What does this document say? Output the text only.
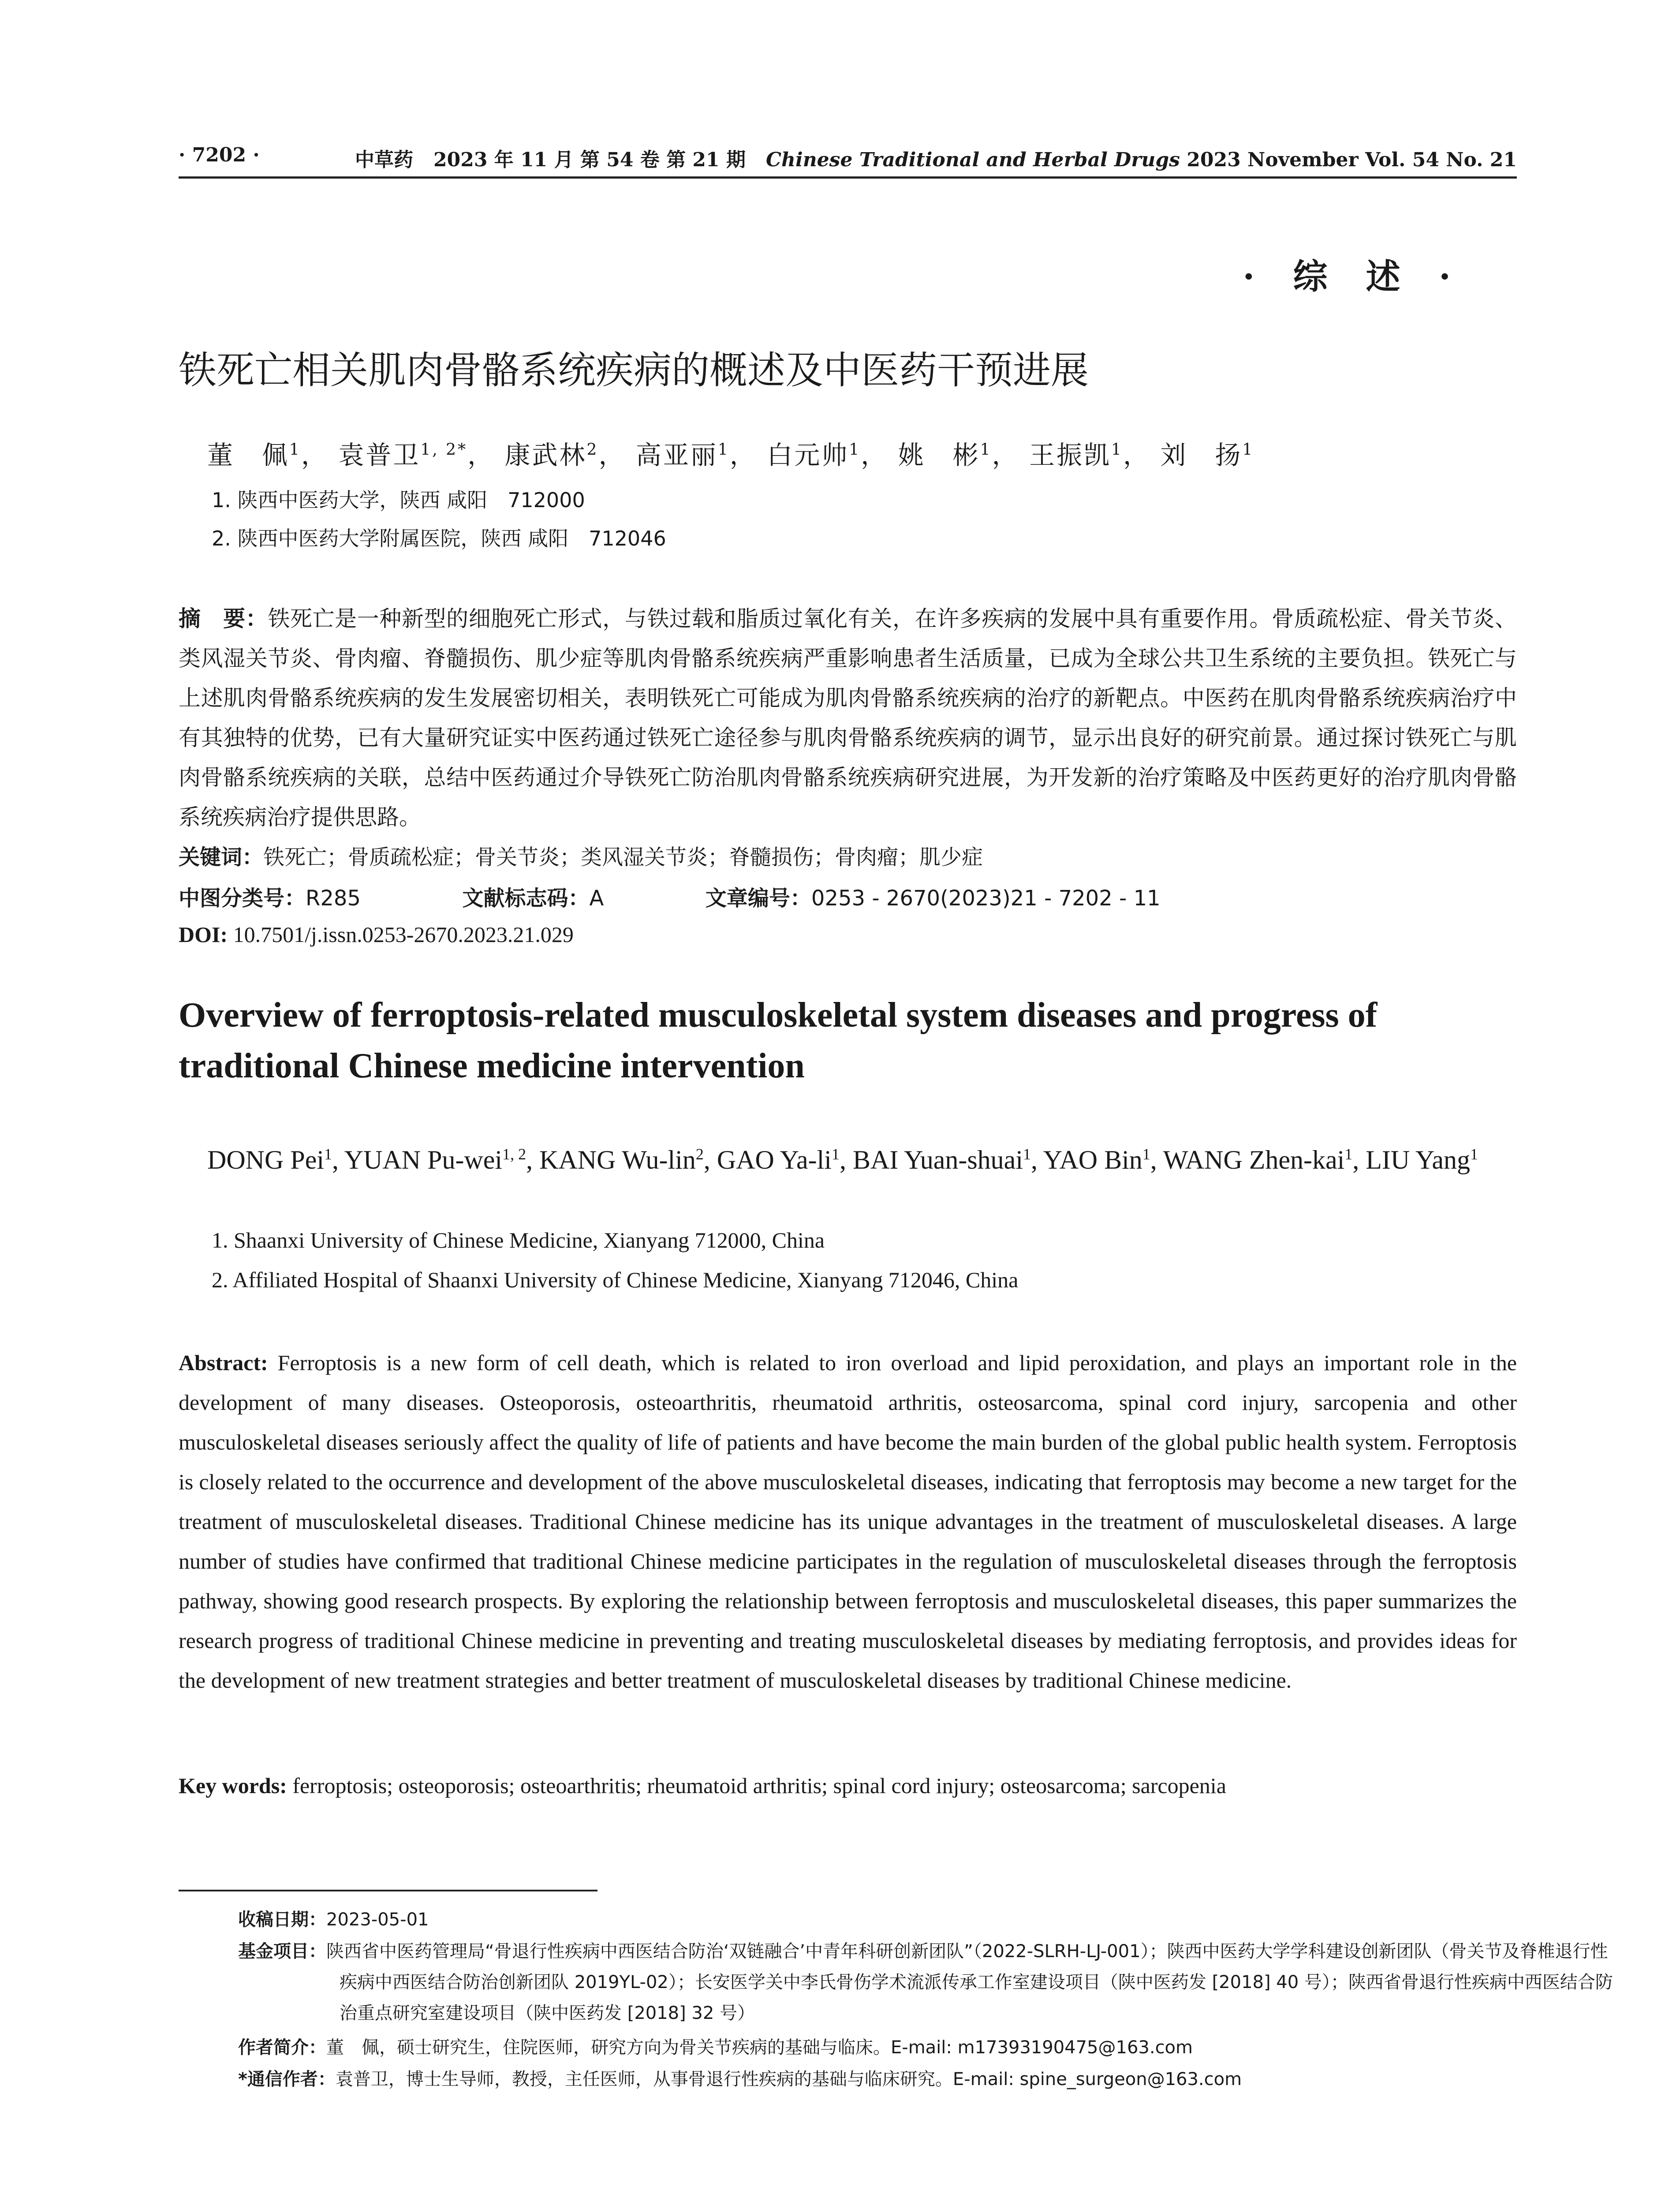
· 7202 ·	中草药 2023 年 11 月 第 54 卷 第 21 期 Chinese Traditional and Herbal Drugs 2023 November Vol. 54 No. 21
· 综 述 ·
铁死亡相关肌肉骨骼系统疾病的概述及中医药干预进展
董　佩$^1$， 袁普卫$^{1, 2*}$， 康武林$^2$， 高亚丽$^1$， 白元帅$^1$， 姚　彬$^1$， 王振凯$^1$， 刘　扬$^1$
1. 陕西中医药大学，陕西 咸阳　712000
2. 陕西中医药大学附属医院，陕西 咸阳　712046
摘　要：铁死亡是一种新型的细胞死亡形式，与铁过载和脂质过氧化有关，在许多疾病的发展中具有重要作用。骨质疏松症、骨关节炎、类风湿关节炎、骨肉瘤、脊髓损伤、肌少症等肌肉骨骼系统疾病严重影响患者生活质量，已成为全球公共卫生系统的主要负担。铁死亡与上述肌肉骨骼系统疾病的发生发展密切相关，表明铁死亡可能成为肌肉骨骼系统疾病的治疗的新靶点。中医药在肌肉骨骼系统疾病治疗中有其独特的优势，已有大量研究证实中医药通过铁死亡途径参与肌肉骨骼系统疾病的调节，显示出良好的研究前景。通过探讨铁死亡与肌肉骨骼系统疾病的关联，总结中医药通过介导铁死亡防治肌肉骨骼系统疾病研究进展，为开发新的治疗策略及中医药更好的治疗肌肉骨骼系统疾病治疗提供思路。
关键词：铁死亡；骨质疏松症；骨关节炎；类风湿关节炎；脊髓损伤；骨肉瘤；肌少症
中图分类号：R285	文献标志码：A	文章编号：0253 - 2670(2023)21 - 7202 - 11
DOI: 10.7501/j.issn.0253-2670.2023.21.029
Overview of ferroptosis-related musculoskeletal system diseases and progress of traditional Chinese medicine intervention
DONG Pei$^1$, YUAN Pu-wei$^{1, 2}$, KANG Wu-lin$^2$, GAO $Ya-li^1$, BAI Yuan-shuai$^1$, YAO Bin$^1$, WANG Zhen-kai$^1$, LIU Yang$^1$
1. Shaanxi University of Chinese Medicine, Xianyang 712000, China
2. Affiliated Hospital of Shaanxi University of Chinese Medicine, Xianyang 712046, China
Abstract: Ferroptosis is a new form of cell death, which is related to iron overload and lipid peroxidation, and plays an important role in the development of many diseases. Osteoporosis, osteoarthritis, rheumatoid arthritis, osteosarcoma, spinal cord injury, sarcopenia and other musculoskeletal diseases seriously affect the quality of life of patients and have become the main burden of the global public health system. Ferroptosis is closely related to the occurrence and development of the above musculoskeletal diseases, indicating that ferroptosis may become a new target for the treatment of musculoskeletal diseases. Traditional Chinese medicine has its unique advantages in the treatment of musculoskeletal diseases. A large number of studies have confirmed that traditional Chinese medicine participates in the regulation of musculoskeletal diseases through the ferroptosis pathway, showing good research prospects. By exploring the relationship between ferroptosis and musculoskeletal diseases, this paper summarizes the research progress of traditional Chinese medicine in preventing and treating musculoskeletal diseases by mediating ferroptosis, and provides ideas for the development of new treatment strategies and better treatment of musculoskeletal diseases by traditional Chinese medicine.
Key words: ferroptosis; osteoporosis; osteoarthritis; rheumatoid arthritis; spinal cord injury; osteosarcoma; sarcopenia
收稿日期：2023-05-01
基金项目：陕西省中医药管理局“骨退行性疾病中西医结合防治‘双链融合’中青年科研创新团队”（2022-SLRH-LJ-001）；陕西中医药大学学科建设创新团队（骨关节及脊椎退行性疾病中西医结合防治创新团队 2019YL-02）；长安医学关中李氏骨伤学术流派传承工作室建设项目（陕中医药发 [2018] 40 号）；陕西省骨退行性疾病中西医结合防治重点研究室建设项目（陕中医药发 [2018] 32 号）
作者简介：董　佩，硕士研究生，住院医师，研究方向为骨关节疾病的基础与临床。E-mail: m17393190475@163.com
*通信作者：袁普卫，博士生导师，教授，主任医师，从事骨退行性疾病的基础与临床研究。E-mail: spine_surgeon@163.com
